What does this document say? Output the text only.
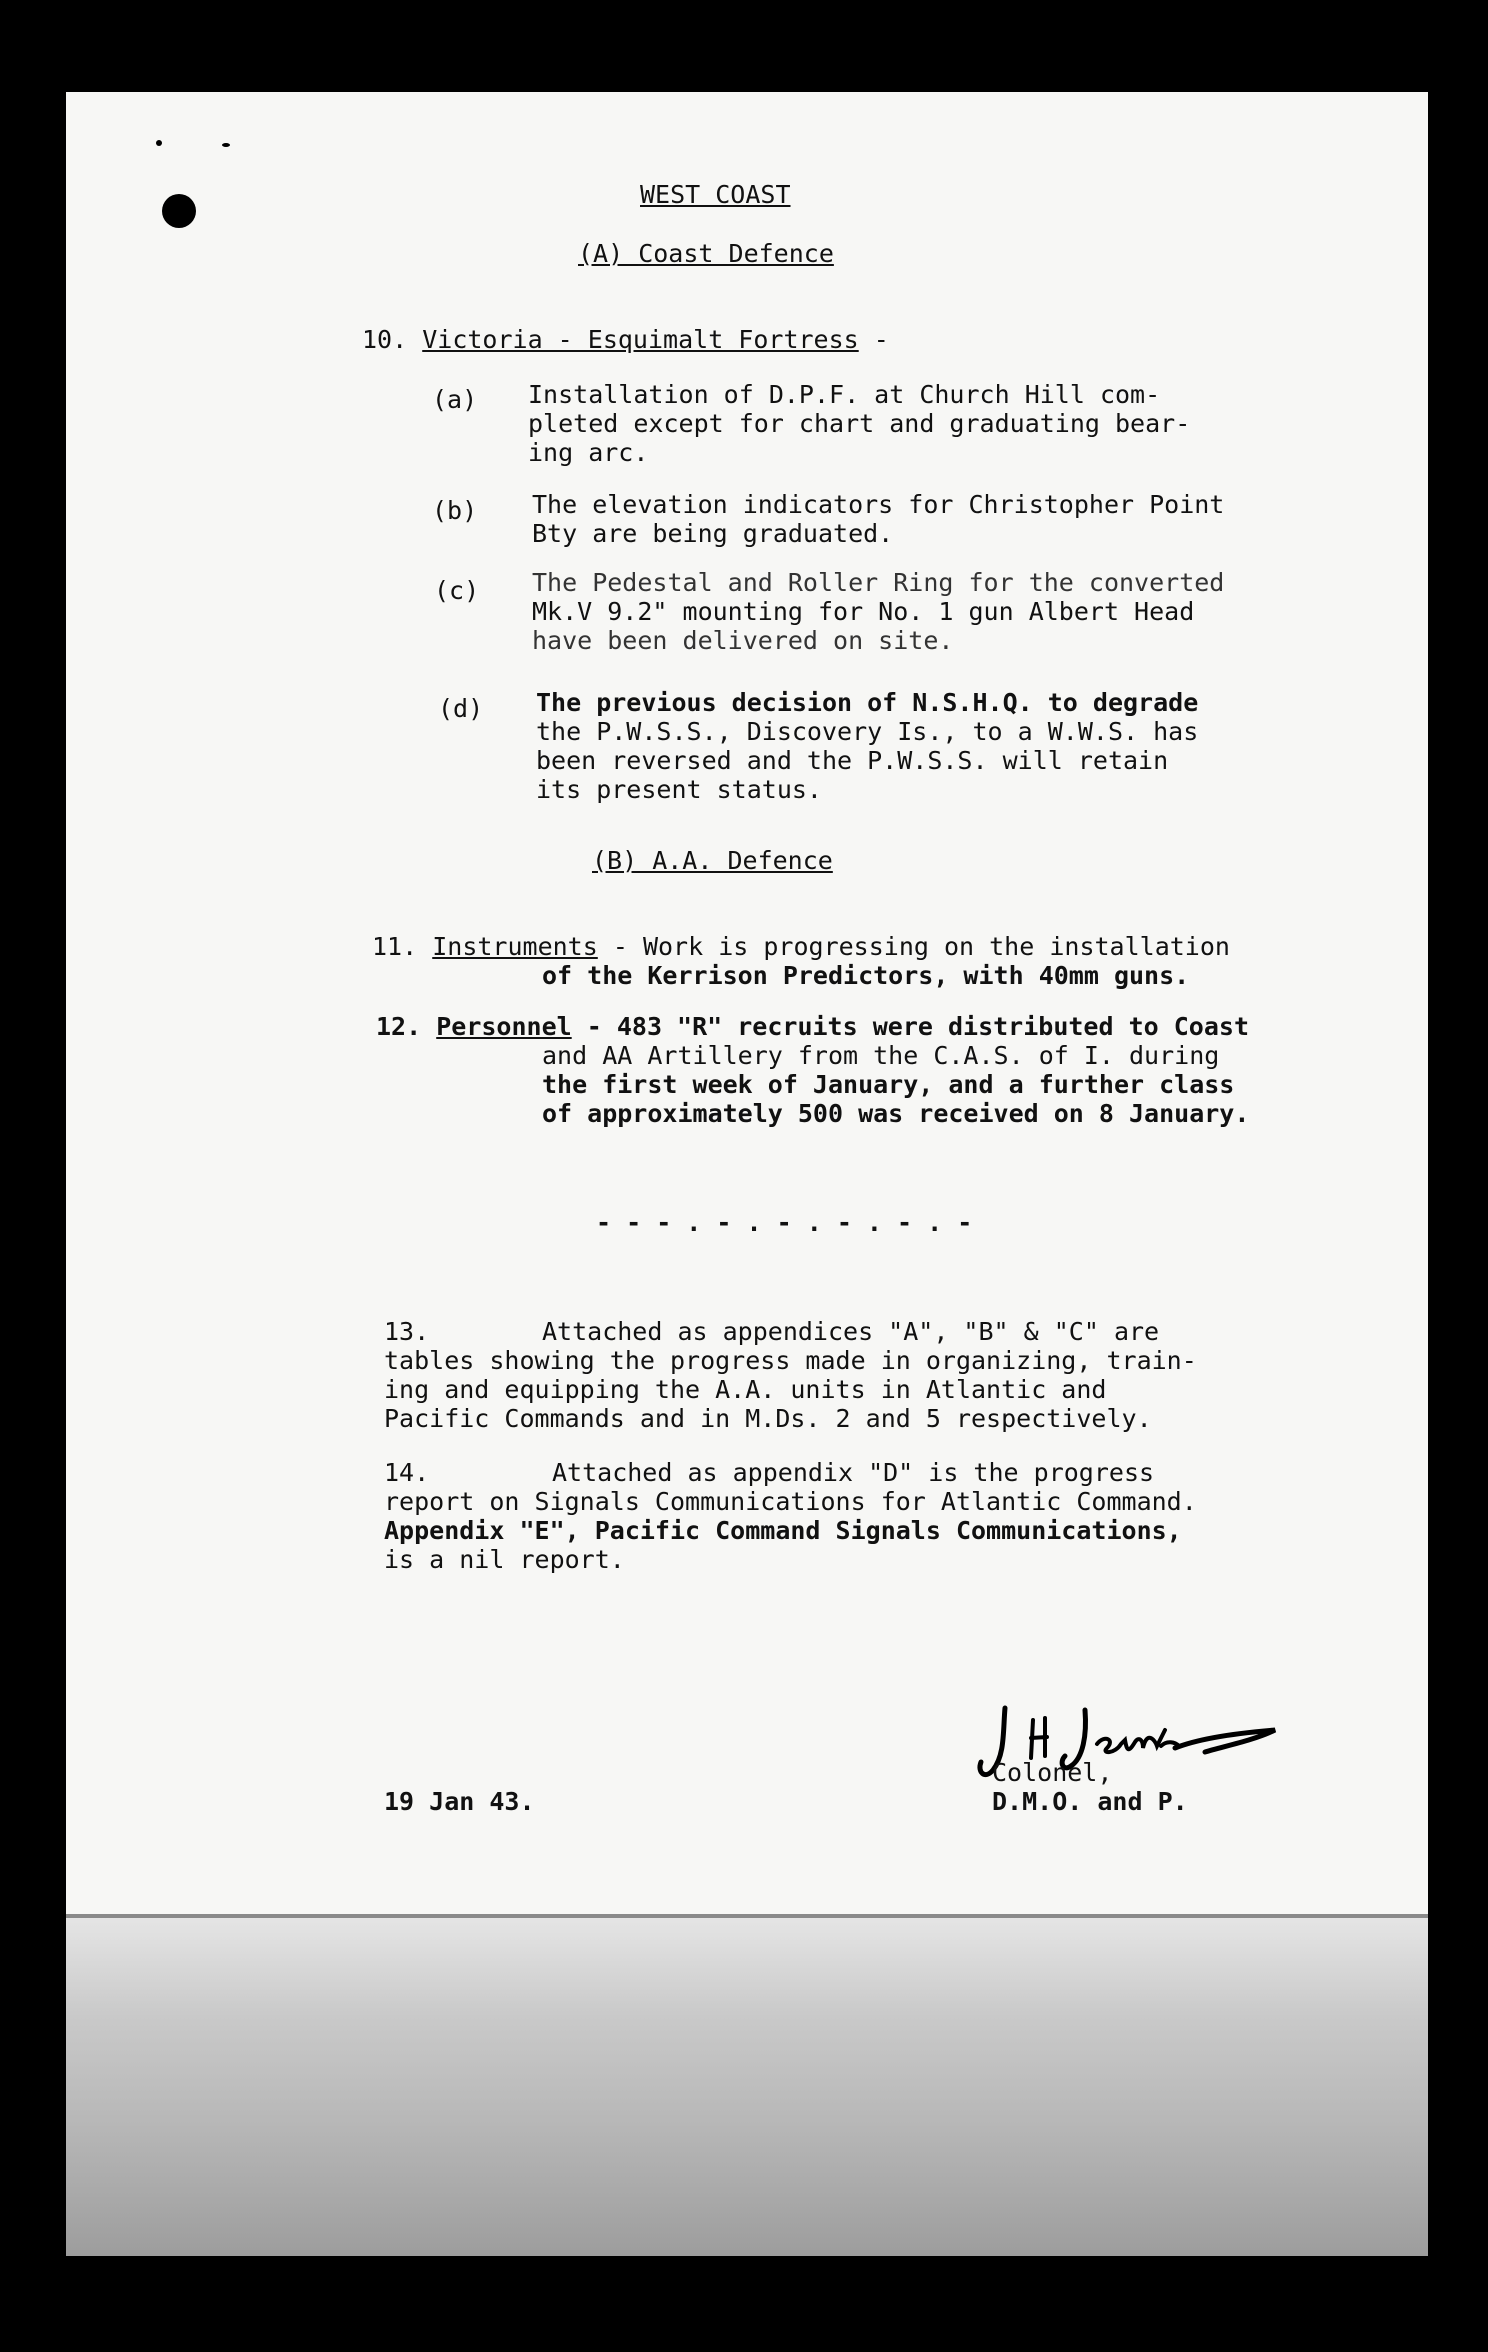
WEST COAST
(A) Coast Defence
10. Victoria - Esquimalt Fortress -
(a) Installation of D.P.F. at Church Hill com-
pleted except for chart and graduating bear-
ing arc.
(b) The elevation indicators for Christopher Point
Bty are being graduated.
(c) The Pedestal and Roller Ring for the converted
Mk.V 9.2" mounting for No. 1 gun Albert Head
have been delivered on site.
(d) The previous decision of N.S.H.Q. to degrade
the P.W.S.S., Discovery Is., to a W.W.S. has
been reversed and the P.W.S.S. will retain
its present status.
(B) A.A. Defence
11. Instruments - Work is progressing on the installation
of the Kerrison Predictors, with 40mm guns.
12. Personnel - 483 "R" recruits were distributed to Coast
and AA Artillery from the C.A.S. of I. during
the first week of January, and a further class
of approximately 500 was received on 8 January.
- - - . - . - . - . - . -
13.	Attached as appendices "A", "B" & "C" are
tables showing the progress made in organizing, train-
ing and equipping the A.A. units in Atlantic and
Pacific Commands and in M.Ds. 2 and 5 respectively.
14.	Attached as appendix "D" is the progress
report on Signals Communications for Atlantic Command.
Appendix "E", Pacific Command Signals Communications,
is a nil report.
Colonel,
D.M.O. and P.
19 Jan 43.
